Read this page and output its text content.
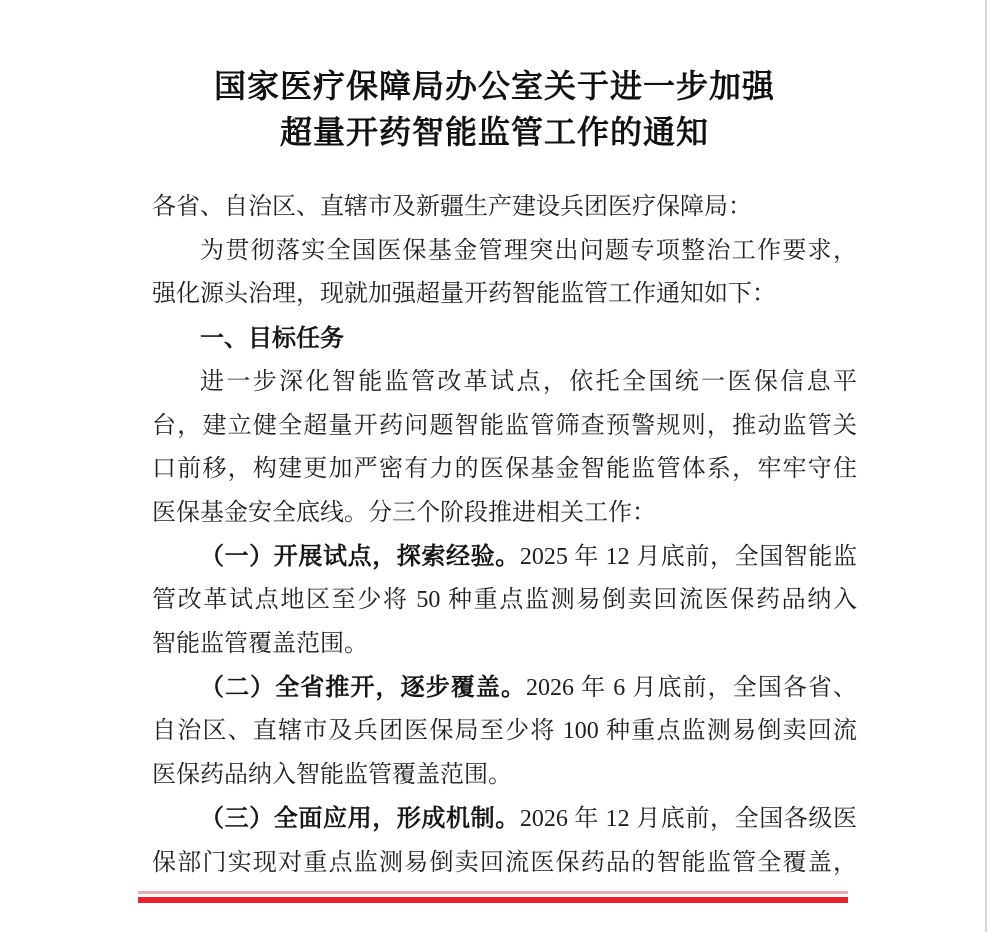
国家医疗保障局办公室关于进一步加强
超量开药智能监管工作的通知
各省、自治区、直辖市及新疆生产建设兵团医疗保障局：
为贯彻落实全国医保基金管理突出问题专项整治工作要求，
强化源头治理，现就加强超量开药智能监管工作通知如下：
一、目标任务
进一步深化智能监管改革试点，依托全国统一医保信息平
台，建立健全超量开药问题智能监管筛查预警规则，推动监管关
口前移，构建更加严密有力的医保基金智能监管体系，牢牢守住
医保基金安全底线。分三个阶段推进相关工作：
（一）开展试点，探索经验。2025 年 12 月底前，全国智能监
管改革试点地区至少将 50 种重点监测易倒卖回流医保药品纳入
智能监管覆盖范围。
（二）全省推开，逐步覆盖。2026 年 6 月底前，全国各省、
自治区、直辖市及兵团医保局至少将 100 种重点监测易倒卖回流
医保药品纳入智能监管覆盖范围。
（三）全面应用，形成机制。2026 年 12 月底前，全国各级医
保部门实现对重点监测易倒卖回流医保药品的智能监管全覆盖，
